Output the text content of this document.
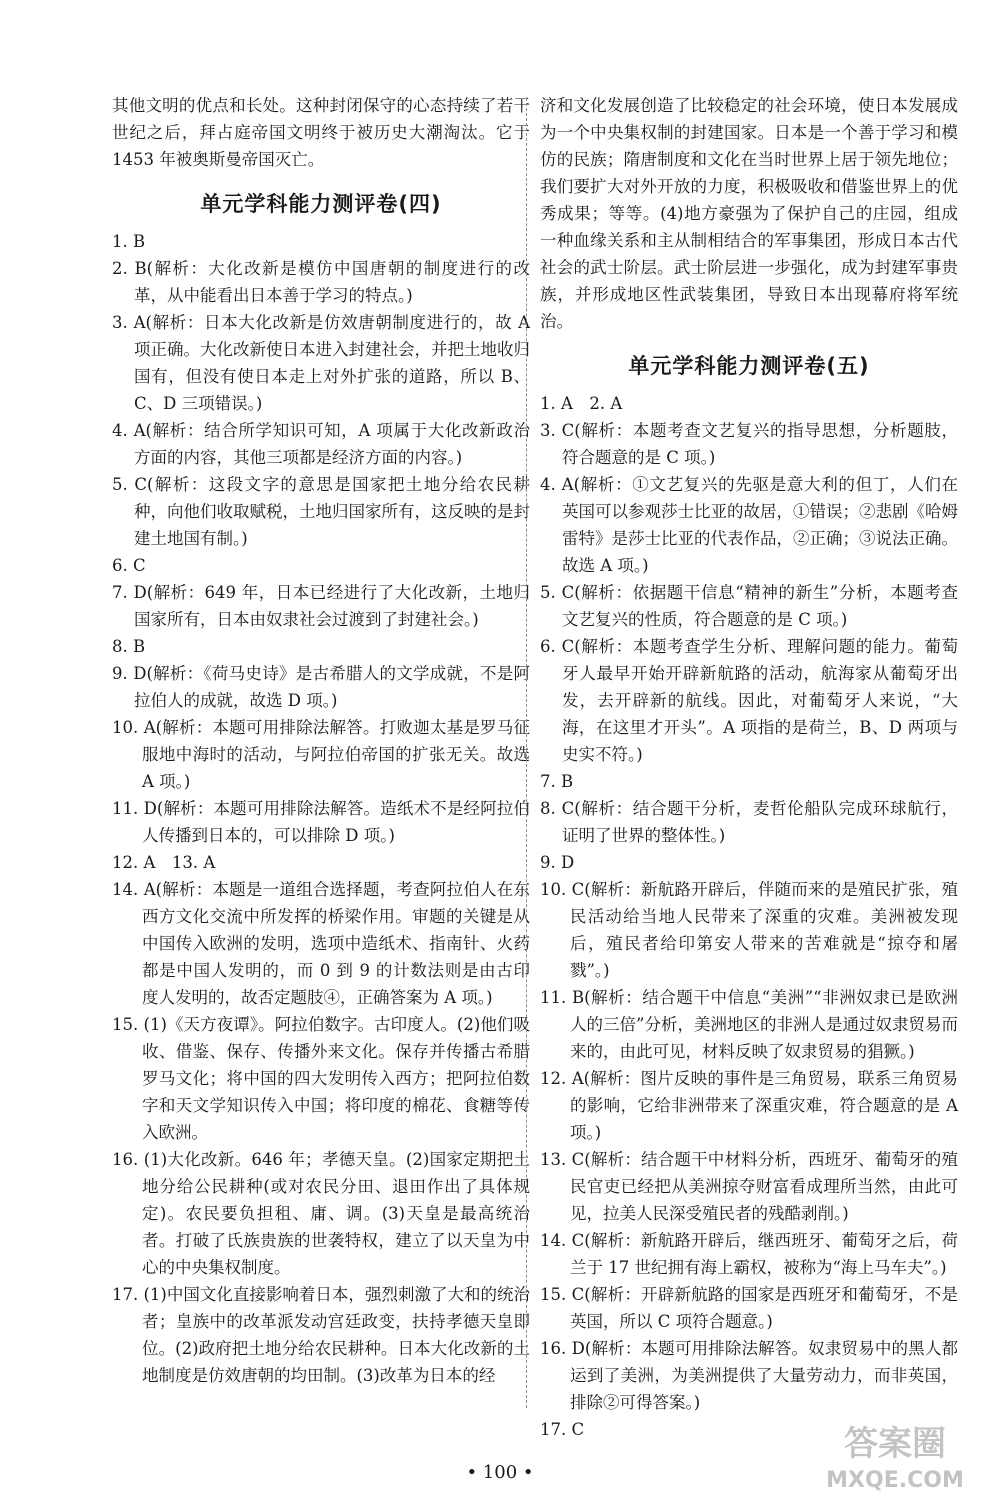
其他文明的优点和长处。这种封闭保守的心态持续了若干世纪之后，拜占庭帝国文明终于被历史大潮淘汰。它于 1453 年被奥斯曼帝国灭亡。

单元学科能力测评卷(四)

1. B

2. B(解析：大化改新是模仿中国唐朝的制度进行的改革，从中能看出日本善于学习的特点。)

3. A(解析：日本大化改新是仿效唐朝制度进行的，故 A 项正确。大化改新使日本进入封建社会，并把土地收归国有，但没有使日本走上对外扩张的道路，所以 B、C、D 三项错误。)

4. A(解析：结合所学知识可知，A 项属于大化改新政治方面的内容，其他三项都是经济方面的内容。)

5. C(解析：这段文字的意思是国家把土地分给农民耕种，向他们收取赋税，土地归国家所有，这反映的是封建土地国有制。)

6. C

7. D(解析：649 年，日本已经进行了大化改新，土地归国家所有，日本由奴隶社会过渡到了封建社会。)

8. B

9. D(解析：《荷马史诗》是古希腊人的文学成就，不是阿拉伯人的成就，故选 D 项。)

10. A(解析：本题可用排除法解答。打败迦太基是罗马征服地中海时的活动，与阿拉伯帝国的扩张无关。故选 A 项。)

11. D(解析：本题可用排除法解答。造纸术不是经阿拉伯人传播到日本的，可以排除 D 项。)

12. A　13. A

14. A(解析：本题是一道组合选择题，考查阿拉伯人在东西方文化交流中所发挥的桥梁作用。审题的关键是从中国传入欧洲的发明，选项中造纸术、指南针、火药都是中国人发明的，而 0 到 9 的计数法则是由古印度人发明的，故否定题肢④，正确答案为 A 项。)

15. (1)《天方夜谭》。阿拉伯数字。古印度人。(2)他们吸收、借鉴、保存、传播外来文化。保存并传播古希腊罗马文化；将中国的四大发明传入西方；把阿拉伯数字和天文学知识传入中国；将印度的棉花、食糖等传入欧洲。

16. (1)大化改新。646 年；孝德天皇。(2)国家定期把土地分给公民耕种(或对农民分田、退田作出了具体规定)。农民要负担租、庸、调。(3)天皇是最高统治者。打破了氏族贵族的世袭特权，建立了以天皇为中心的中央集权制度。

17. (1)中国文化直接影响着日本，强烈刺激了大和的统治者；皇族中的改革派发动宫廷政变，扶持孝德天皇即位。(2)政府把土地分给农民耕种。日本大化改新的土地制度是仿效唐朝的均田制。(3)改革为日本的经

济和文化发展创造了比较稳定的社会环境，使日本发展成为一个中央集权制的封建国家。日本是一个善于学习和模仿的民族；隋唐制度和文化在当时世界上居于领先地位；我们要扩大对外开放的力度，积极吸收和借鉴世界上的优秀成果；等等。(4)地方豪强为了保护自己的庄园，组成一种血缘关系和主从制相结合的军事集团，形成日本古代社会的武士阶层。武士阶层进一步强化，成为封建军事贵族，并形成地区性武装集团，导致日本出现幕府将军统治。

单元学科能力测评卷(五)

1. A　2. A

3. C(解析：本题考查文艺复兴的指导思想，分析题肢，符合题意的是 C 项。)

4. A(解析：①文艺复兴的先驱是意大利的但丁，人们在英国可以参观莎士比亚的故居，①错误；②悲剧《哈姆雷特》是莎士比亚的代表作品，②正确；③说法正确。故选 A 项。)

5. C(解析：依据题干信息“精神的新生”分析，本题考查文艺复兴的性质，符合题意的是 C 项。)

6. C(解析：本题考查学生分析、理解问题的能力。葡萄牙人最早开始开辟新航路的活动，航海家从葡萄牙出发，去开辟新的航线。因此，对葡萄牙人来说，“大海，在这里才开头”。A 项指的是荷兰，B、D 两项与史实不符。)

7. B

8. C(解析：结合题干分析，麦哲伦船队完成环球航行，证明了世界的整体性。)

9. D

10. C(解析：新航路开辟后，伴随而来的是殖民扩张，殖民活动给当地人民带来了深重的灾难。美洲被发现后，殖民者给印第安人带来的苦难就是“掠夺和屠戮”。)

11. B(解析：结合题干中信息“美洲”“非洲奴隶已是欧洲人的三倍”分析，美洲地区的非洲人是通过奴隶贸易而来的，由此可见，材料反映了奴隶贸易的猖獗。)

12. A(解析：图片反映的事件是三角贸易，联系三角贸易的影响，它给非洲带来了深重灾难，符合题意的是 A 项。)

13. C(解析：结合题干中材料分析，西班牙、葡萄牙的殖民官吏已经把从美洲掠夺财富看成理所当然，由此可见，拉美人民深受殖民者的残酷剥削。)

14. C(解析：新航路开辟后，继西班牙、葡萄牙之后，荷兰于 17 世纪拥有海上霸权，被称为“海上马车夫”。)

15. C(解析：开辟新航路的国家是西班牙和葡萄牙，不是英国，所以 C 项符合题意。)

16. D(解析：本题可用排除法解答。奴隶贸易中的黑人都运到了美洲，为美洲提供了大量劳动力，而非英国，排除②可得答案。)

17. C

• 100 •
答案圈
MXQE.COM
